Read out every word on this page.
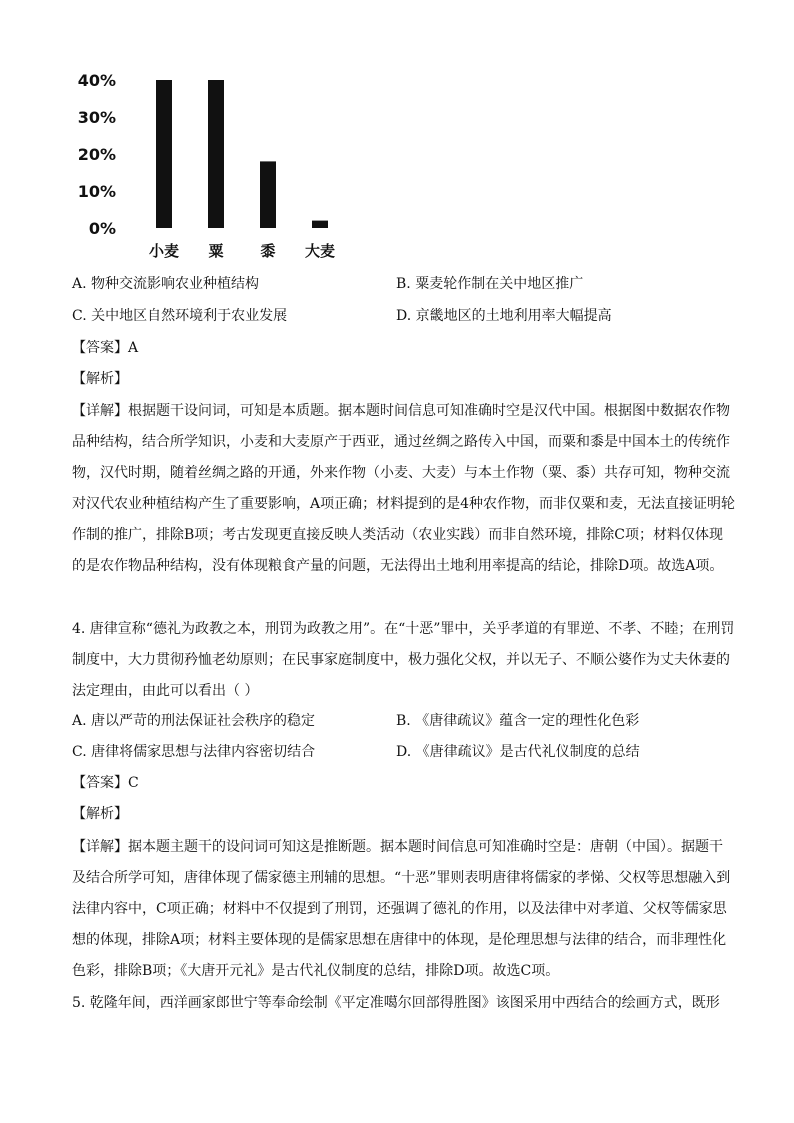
40%
30%
20%
10%
0%
小麦 粟 黍 大麦
A. 物种交流影响农业种植结构	B. 粟麦轮作制在关中地区推广
C. 关中地区自然环境利于农业发展	D. 京畿地区的土地利用率大幅提高
【答案】A
【解析】

【详解】根据题干设问词，可知是本质题。据本题时间信息可知准确时空是汉代中国。根据图中数据农作物品种结构，结合所学知识，小麦和大麦原产于西亚，通过丝绸之路传入中国，而粟和黍是中国本土的传统作物，汉代时期，随着丝绸之路的开通，外来作物（小麦、大麦）与本土作物（粟、黍）共存可知，物种交流对汉代农业种植结构产生了重要影响，A项正确；材料提到的是4种农作物，而非仅粟和麦，无法直接证明轮作制的推广，排除B项；考古发现更直接反映人类活动（农业实践）而非自然环境，排除C项；材料仅体现的是农作物品种结构，没有体现粮食产量的问题，无法得出土地利用率提高的结论，排除D项。故选A项。

4. 唐律宣称“德礼为政教之本，刑罚为政教之用”。在“十恶”罪中，关乎孝道的有罪逆、不孝、不睦；在刑罚制度中，大力贯彻矜恤老幼原则；在民事家庭制度中，极力强化父权，并以无子、不顺公婆作为丈夫休妻的法定理由，由此可以看出（ ）

A. 唐以严苛的刑法保证社会秩序的稳定	B. 《唐律疏议》蕴含一定的理性化色彩
C. 唐律将儒家思想与法律内容密切结合	D. 《唐律疏议》是古代礼仪制度的总结
【答案】C
【解析】

【详解】据本题主题干的设问词可知这是推断题。据本题时间信息可知准确时空是：唐朝（中国）。据题干及结合所学可知，唐律体现了儒家德主刑辅的思想。“十恶”罪则表明唐律将儒家的孝悌、父权等思想融入到法律内容中，C项正确；材料中不仅提到了刑罚，还强调了德礼的作用，以及法律中对孝道、父权等儒家思想的体现，排除A项；材料主要体现的是儒家思想在唐律中的体现，是伦理思想与法律的结合，而非理性化色彩，排除B项；《大唐开元礼》是古代礼仪制度的总结，排除D项。故选C项。

5. 乾隆年间，西洋画家郎世宁等奉命绘制《平定准噶尔回部得胜图》该图采用中西结合的绘画方式，既形
